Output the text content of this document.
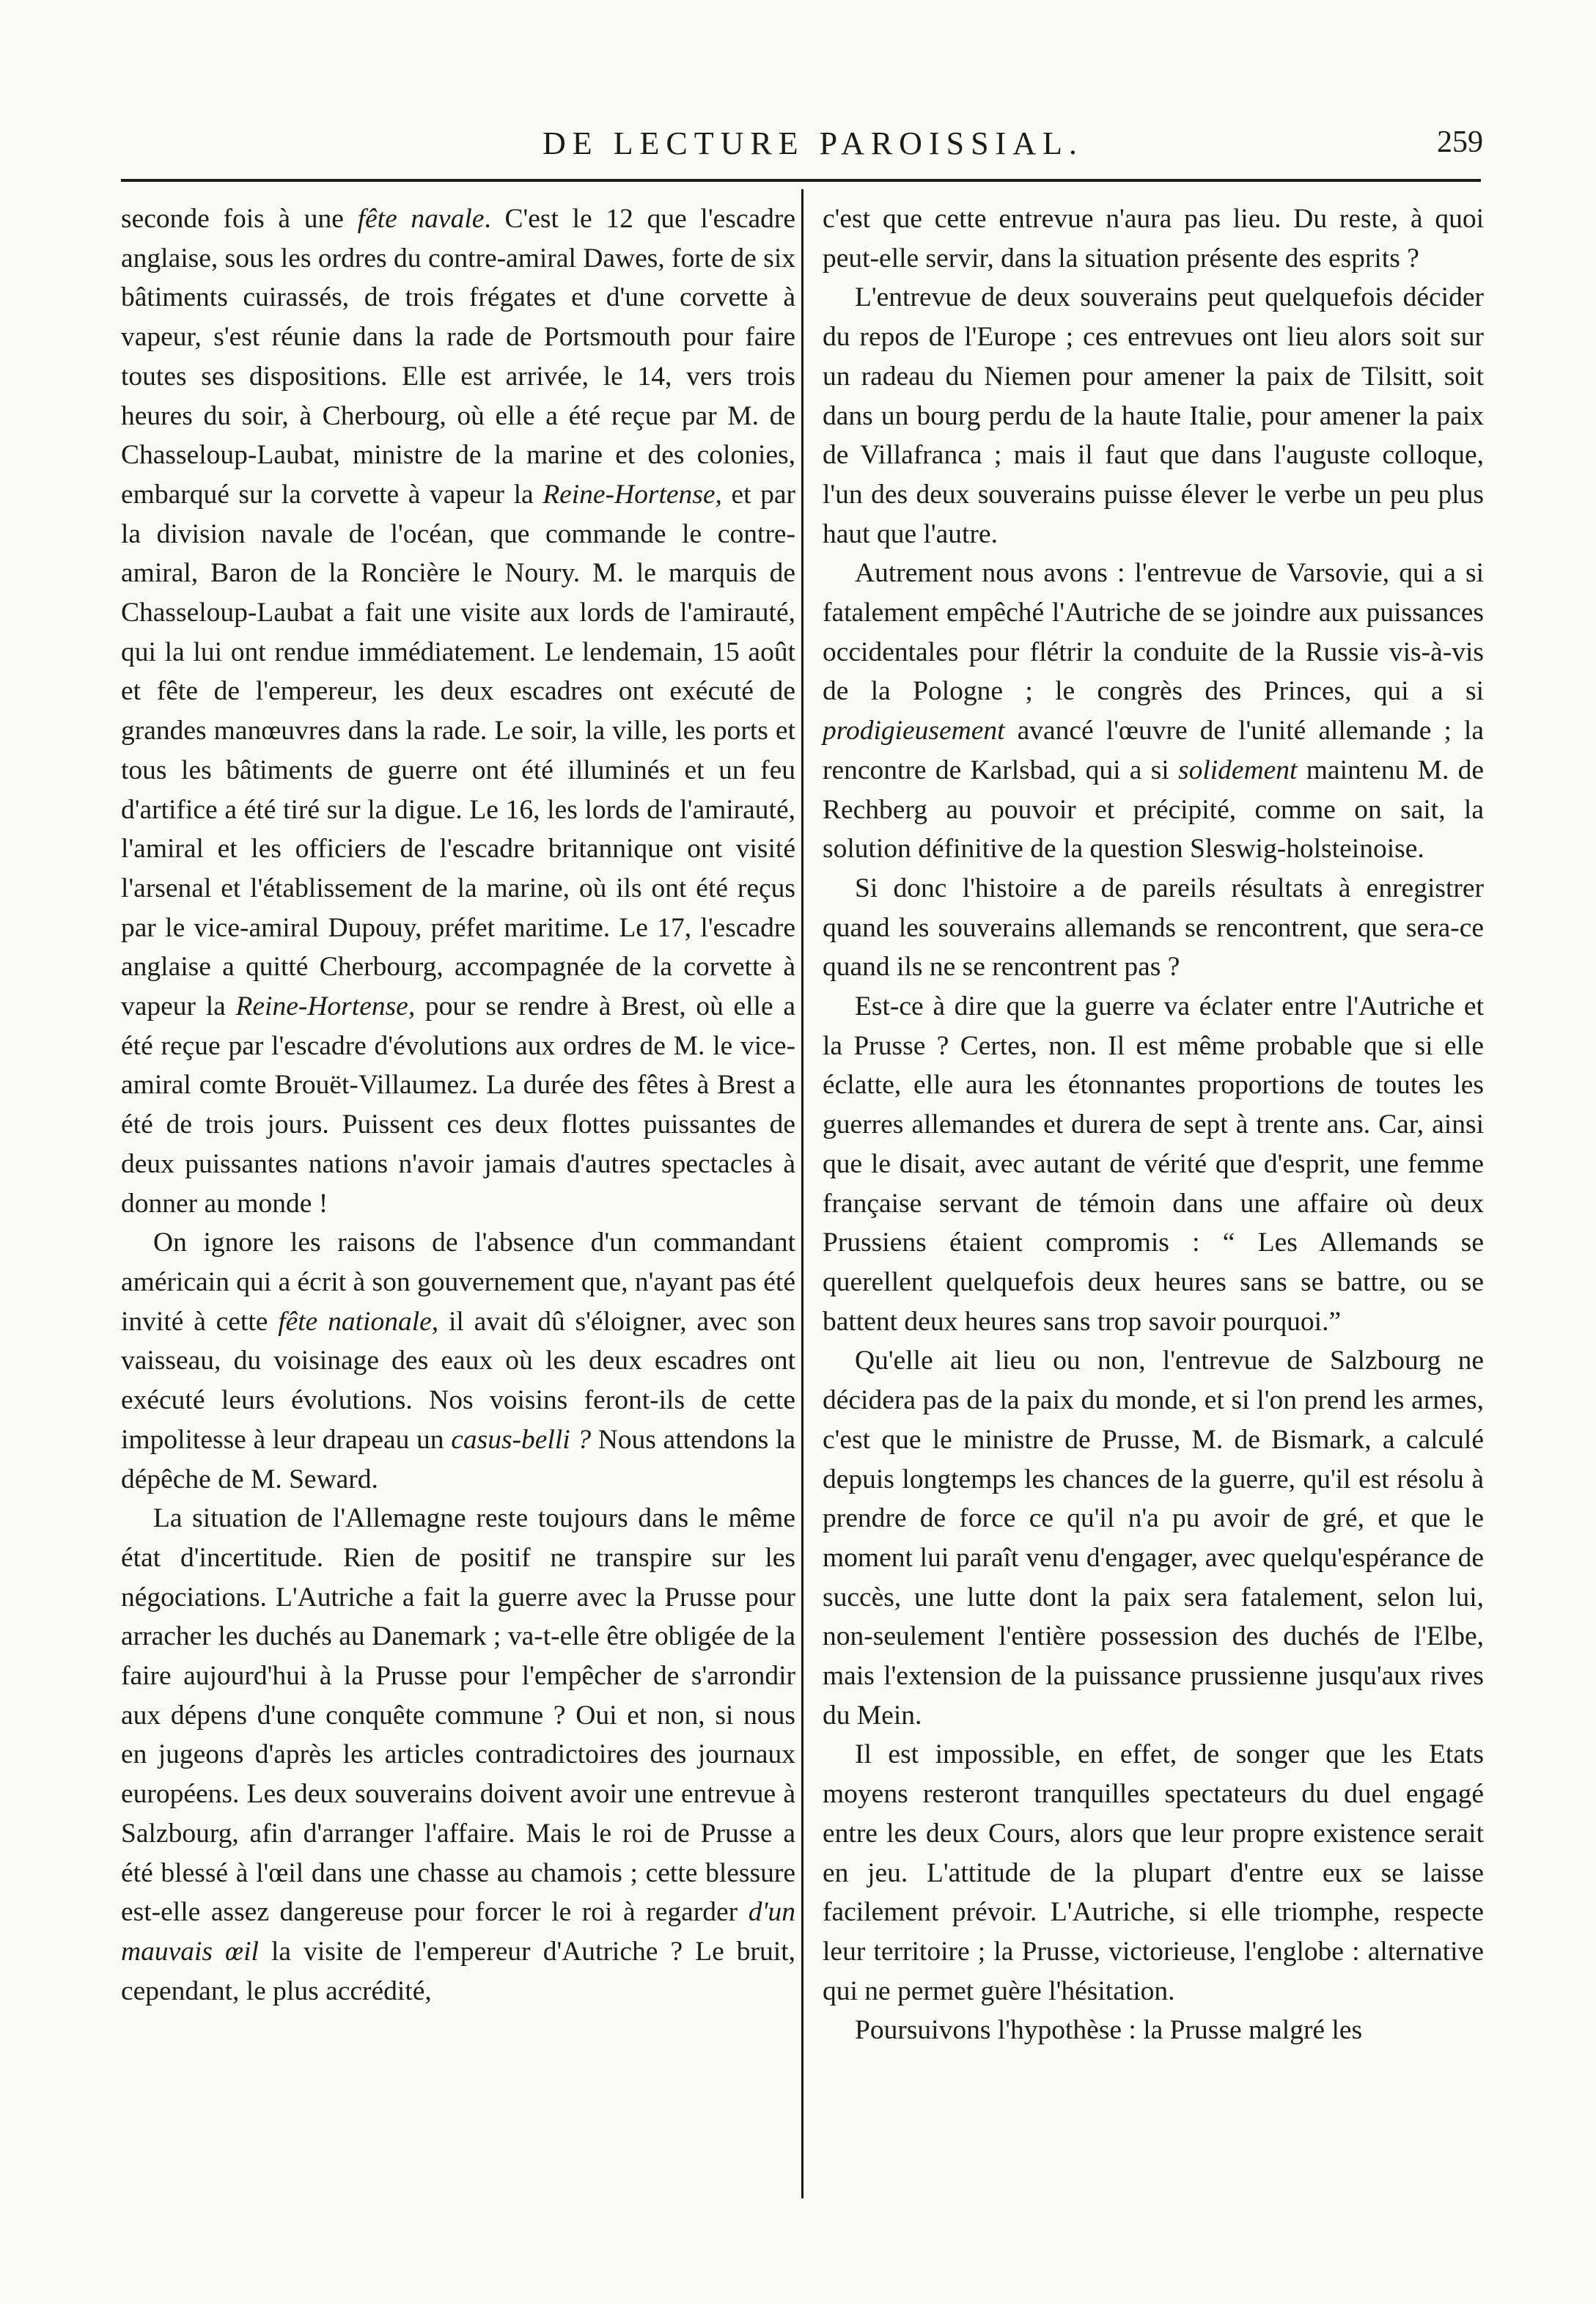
DE LECTURE PAROISSIAL.	259

seconde fois à une fête navale. C'est le 12 que l'escadre anglaise, sous les ordres du contre-amiral Dawes, forte de six bâtiments cuirassés, de trois frégates et d'une corvette à vapeur, s'est réunie dans la rade de Portsmouth pour faire toutes ses dispositions. Elle est arrivée, le 14, vers trois heures du soir, à Cherbourg, où elle a été reçue par M. de Chasseloup-Laubat, ministre de la marine et des colonies, embarqué sur la corvette à vapeur la Reine-Hortense, et par la division navale de l'océan, que commande le contre-amiral, Baron de la Roncière le Noury. M. le marquis de Chasseloup-Laubat a fait une visite aux lords de l'amirauté, qui la lui ont rendue immédiatement. Le lendemain, 15 août et fête de l'empereur, les deux escadres ont exécuté de grandes manœuvres dans la rade. Le soir, la ville, les ports et tous les bâtiments de guerre ont été illuminés et un feu d'artifice a été tiré sur la digue. Le 16, les lords de l'amirauté, l'amiral et les officiers de l'escadre britannique ont visité l'arsenal et l'établissement de la marine, où ils ont été reçus par le vice-amiral Dupouy, préfet maritime. Le 17, l'escadre anglaise a quitté Cherbourg, accompagnée de la corvette à vapeur la Reine-Hortense, pour se rendre à Brest, où elle a été reçue par l'escadre d'évolutions aux ordres de M. le vice-amiral comte Brouët-Villaumez. La durée des fêtes à Brest a été de trois jours. Puissent ces deux flottes puissantes de deux puissantes nations n'avoir jamais d'autres spectacles à donner au monde !

On ignore les raisons de l'absence d'un commandant américain qui a écrit à son gouvernement que, n'ayant pas été invité à cette fête nationale, il avait dû s'éloigner, avec son vaisseau, du voisinage des eaux où les deux escadres ont exécuté leurs évolutions. Nos voisins feront-ils de cette impolitesse à leur drapeau un casus-belli ? Nous attendons la dépêche de M. Seward.

La situation de l'Allemagne reste toujours dans le même état d'incertitude. Rien de positif ne transpire sur les négociations. L'Autriche a fait la guerre avec la Prusse pour arracher les duchés au Danemark ; va-t-elle être obligée de la faire aujourd'hui à la Prusse pour l'empêcher de s'arrondir aux dépens d'une conquête commune ? Oui et non, si nous en jugeons d'après les articles contradictoires des journaux européens. Les deux souverains doivent avoir une entrevue à Salzbourg, afin d'arranger l'affaire. Mais le roi de Prusse a été blessé à l'œil dans une chasse au chamois ; cette blessure est-elle assez dangereuse pour forcer le roi à regarder d'un mauvais œil la visite de l'empereur d'Autriche ? Le bruit, cependant, le plus accrédité,

c'est que cette entrevue n'aura pas lieu. Du reste, à quoi peut-elle servir, dans la situation présente des esprits ?

L'entrevue de deux souverains peut quelquefois décider du repos de l'Europe ; ces entrevues ont lieu alors soit sur un radeau du Niemen pour amener la paix de Tilsitt, soit dans un bourg perdu de la haute Italie, pour amener la paix de Villafranca ; mais il faut que dans l'auguste colloque, l'un des deux souverains puisse élever le verbe un peu plus haut que l'autre.

Autrement nous avons : l'entrevue de Varsovie, qui a si fatalement empêché l'Autriche de se joindre aux puissances occidentales pour flétrir la conduite de la Russie vis-à-vis de la Pologne ; le congrès des Princes, qui a si prodigieusement avancé l'œuvre de l'unité allemande ; la rencontre de Karlsbad, qui a si solidement maintenu M. de Rechberg au pouvoir et précipité, comme on sait, la solution définitive de la question Sleswig-holsteinoise.

Si donc l'histoire a de pareils résultats à enregistrer quand les souverains allemands se rencontrent, que sera-ce quand ils ne se rencontrent pas ?

Est-ce à dire que la guerre va éclater entre l'Autriche et la Prusse ? Certes, non. Il est même probable que si elle éclatte, elle aura les étonnantes proportions de toutes les guerres allemandes et durera de sept à trente ans. Car, ainsi que le disait, avec autant de vérité que d'esprit, une femme française servant de témoin dans une affaire où deux Prussiens étaient compromis : “ Les Allemands se querellent quelquefois deux heures sans se battre, ou se battent deux heures sans trop savoir pourquoi.”

Qu'elle ait lieu ou non, l'entrevue de Salzbourg ne décidera pas de la paix du monde, et si l'on prend les armes, c'est que le ministre de Prusse, M. de Bismark, a calculé depuis longtemps les chances de la guerre, qu'il est résolu à prendre de force ce qu'il n'a pu avoir de gré, et que le moment lui paraît venu d'engager, avec quelqu'espérance de succès, une lutte dont la paix sera fatalement, selon lui, non-seulement l'entière possession des duchés de l'Elbe, mais l'extension de la puissance prussienne jusqu'aux rives du Mein.

Il est impossible, en effet, de songer que les Etats moyens resteront tranquilles spectateurs du duel engagé entre les deux Cours, alors que leur propre existence serait en jeu. L'attitude de la plupart d'entre eux se laisse facilement prévoir. L'Autriche, si elle triomphe, respecte leur territoire ; la Prusse, victorieuse, l'englobe : alternative qui ne permet guère l'hésitation.

Poursuivons l'hypothèse : la Prusse malgré les
